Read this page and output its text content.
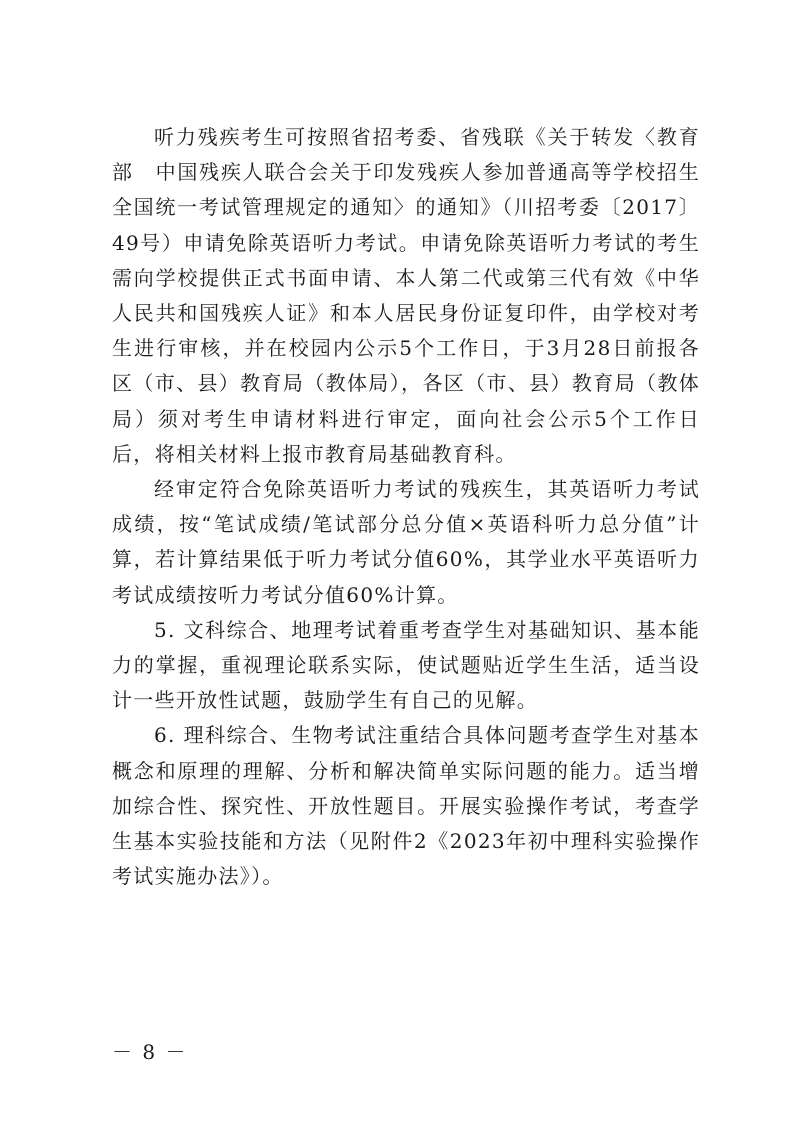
听力残疾考生可按照省招考委、省残联《关于转发〈教育部　中国残疾人联合会关于印发残疾人参加普通高等学校招生全国统一考试管理规定的通知〉的通知》（川招考委〔2017〕49号）申请免除英语听力考试。申请免除英语听力考试的考生需向学校提供正式书面申请、本人第二代或第三代有效《中华人民共和国残疾人证》和本人居民身份证复印件，由学校对考生进行审核，并在校园内公示5个工作日，于3月28日前报各区（市、县）教育局（教体局），各区（市、县）教育局（教体局）须对考生申请材料进行审定，面向社会公示5个工作日后，将相关材料上报市教育局基础教育科。

经审定符合免除英语听力考试的残疾生，其英语听力考试成绩，按“笔试成绩/笔试部分总分值×英语科听力总分值”计算，若计算结果低于听力考试分值60%，其学业水平英语听力考试成绩按听力考试分值60%计算。

5. 文科综合、地理考试着重考查学生对基础知识、基本能力的掌握，重视理论联系实际，使试题贴近学生生活，适当设计一些开放性试题，鼓励学生有自己的见解。

6. 理科综合、生物考试注重结合具体问题考查学生对基本概念和原理的理解、分析和解决简单实际问题的能力。适当增加综合性、探究性、开放性题目。开展实验操作考试，考查学生基本实验技能和方法（见附件2《2023年初中理科实验操作考试实施办法》）。

－ 8 －
